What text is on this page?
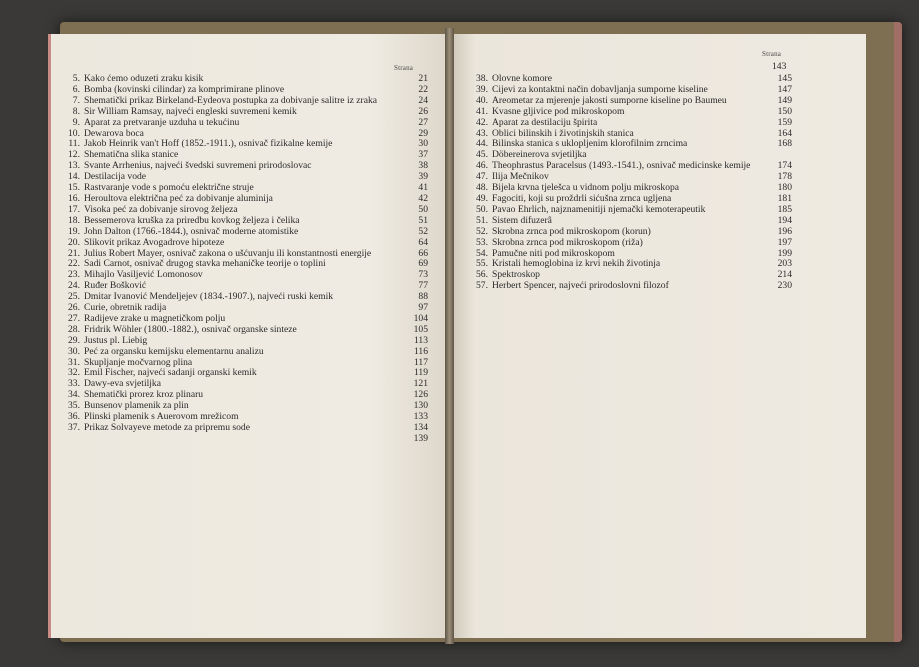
Strana
Strana
143
5. Kako ćemo oduzeti zraku kisik	21
6. Bomba (kovinski cilindar) za komprimirane plinove	22
7. Shematički prikaz Birkeland-Eydeova postupka za dobivanje salitre iz zraka	24
8. Sir William Ramsay, najveći engleski suvremeni kemik	26
9. Aparat za pretvaranje uzduha u tekućinu	27
10. Dewarova boca	29
11. Jakob Heinrik van't Hoff (1852.-1911.), osnivač fizikalne kemije	30
12. Shematična slika stanice	37
13. Svante Arrhenius, najveći švedski suvremeni prirodoslovac	38
14. Destilacija vode	39
15. Rastvaranje vode s pomoću električne struje	41
16. Heroultova električna peć za dobivanje aluminija	42
17. Visoka peć za dobivanje sirovog željeza	50
18. Bessemerova kruška za priredbu kovkog željeza i čelika	51
19. John Dalton (1766.-1844.), osnivač moderne atomistike	52
20. Slikovit prikaz Avogadrove hipoteze	64
21. Julius Robert Mayer, osnivač zakona o ušćuvanju ili konstantnosti energije	66
22. Sadi Carnot, osnivač drugog stavka mehaničke teorije o toplini	69
23. Mihajlo Vasiljević Lomonosov	73
24. Ruđer Bošković	77
25. Dmitar Ivanović Mendeljejev (1834.-1907.), najveći ruski kemik	88
26. Curie, obretnik radija	97
27. Radijeve zrake u magnetičkom polju	104
28. Fridrik Wöhler (1800.-1882.), osnivač organske sinteze	105
29. Justus pl. Liebig	113
30. Peć za organsku kemijsku elementarnu analizu	116
31. Skupljanje močvarnog plina	117
32. Emil Fischer, najveći sadanji organski kemik	119
33. Dawy-eva svjetiljka	121
34. Shematički prorez kroz plinaru	126
35. Bunsenov plamenik za plin	130
36. Plinski plamenik s Auerovom mrežicom	133
37. Prikaz Solvayeve metode za pripremu sode	134
139
38. Olovne komore	145
39. Cijevi za kontaktni način dobavljanja sumporne kiseline	147
40. Areometar za mjerenje jakosti sumporne kiseline po Baumeu	149
41. Kvasne gljivice pod mikroskopom	150
42. Aparat za destilaciju špirita	159
43. Oblici bilinskih i životinjskih stanica	164
44. Bilinska stanica s uklopljenim klorofilnim zrncima	168
45. Döbereinerova svjetiljka
46. Theophrastus Paracelsus (1493.-1541.), osnivač medicinske kemije	174
47. Ilija Mečnikov	178
48. Bijela krvna tjelešca u vidnom polju mikroskopa	180
49. Fagociti, koji su proždrli sićušna zrnca ugljena	181
50. Pavao Ehrlich, najznamenitiji njemački kemoterapeutik	185
51. Sistem difuzerâ	194
52. Škrobna zrnca pod mikroskopom (korun)	196
53. Škrobna zrnca pod mikroskopom (riža)	197
54. Pamučne niti pod mikroskopom	199
55. Kristali hemoglobina iz krvi nekih životinja	203
56. Spektroskop	214
57. Herbert Spencer, najveći prirodoslovni filozof	230
